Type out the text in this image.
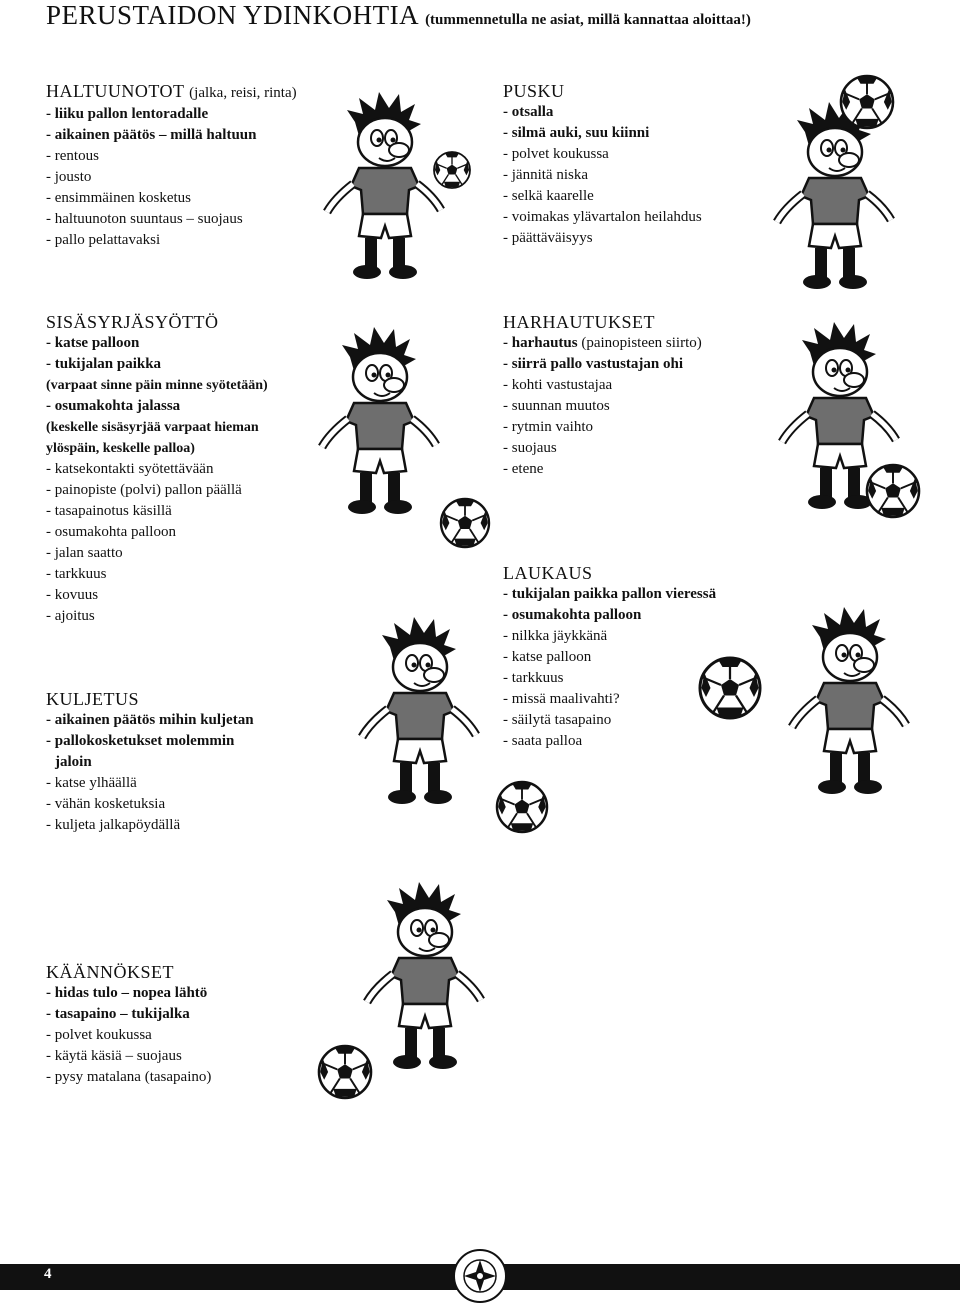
PERUSTAIDON YDINKOHTIA (tummennetulla ne asiat, millä kannattaa aloittaa!)
HALTUUNOTOT (jalka, reisi, rinta)
- liiku pallon lentoradalle
- aikainen päätös – millä haltuun
- rentous
- jousto
- ensimmäinen kosketus
- haltuunoton suuntaus – suojaus
- pallo pelattavaksi
PUSKU
- otsalla
- silmä auki, suu kiinni
- polvet koukussa
- jännitä niska
- selkä kaarelle
- voimakas ylävartalon heilahdus
- päättäväisyys
SISÄSYRJÄSYÖTTÖ
- katse palloon
- tukijalan paikka
(varpaat sinne päin minne syötetään)
- osumakohta jalassa
(keskelle sisäsyrjää varpaat hieman
ylöspäin, keskelle palloa)
- katsekontakti syötettävään
- painopiste (polvi) pallon päällä
- tasapainotus käsillä
- osumakohta palloon
- jalan saatto
- tarkkuus
- kovuus
- ajoitus
HARHAUTUKSET
- harhautus (painopisteen siirto)
- siirrä pallo vastustajan ohi
- kohti vastustajaa
- suunnan muutos
- rytmin vaihto
- suojaus
- etene
LAUKAUS
- tukijalan paikka pallon vieressä
- osumakohta palloon
- nilkka jäykkänä
- katse palloon
- tarkkuus
- missä maalivahti?
- säilytä tasapaino
- saata palloa
KULJETUS
- aikainen päätös mihin kuljetan
- pallokosketukset molemmin
jaloin
- katse ylhäällä
- vähän kosketuksia
- kuljeta jalkapöydällä
KÄÄNNÖKSET
- hidas tulo – nopea lähtö
- tasapaino – tukijalka
- polvet koukussa
- käytä käsiä – suojaus
- pysy matalana (tasapaino)
4
